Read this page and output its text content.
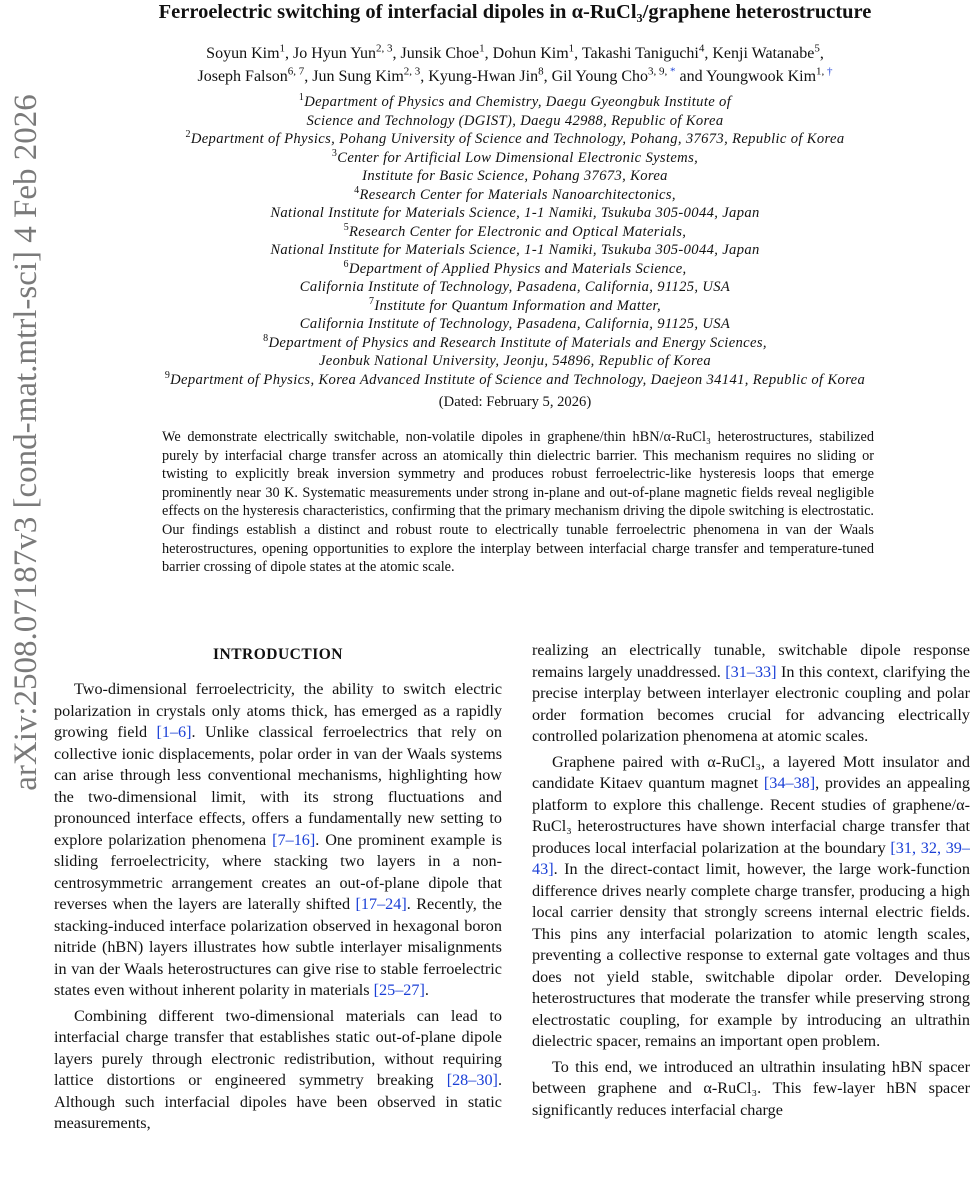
arXiv:2508.07187v3 [cond-mat.mtrl-sci] 4 Feb 2026
Ferroelectric switching of interfacial dipoles in α-RuCl₃/graphene heterostructure
Soyun Kim$^1$, Jo Hyun Yun$^{2, 3}$, Junsik Choe$^1$, Dohun Kim$^1$, Takashi Taniguchi$^4$, Kenji Watanabe$^5$,
Joseph Falson$^{6, 7}$, Jun Sung Kim$^{2, 3}$, Kyung-Hwan Jin$^8$, Gil Young Cho$^{3, 9, *}$ and Youngwook Kim$^{1, \dagger}$
$^1$Department of Physics and Chemistry, Daegu Gyeongbuk Institute of
Science and Technology (DGIST), Daegu 42988, Republic of Korea
$^2$Department of Physics, Pohang University of Science and Technology, Pohang, 37673, Republic of Korea
$^3$Center for Artificial Low Dimensional Electronic Systems,
Institute for Basic Science, Pohang 37673, Korea
$^4$Research Center for Materials Nanoarchitectonics,
National Institute for Materials Science, 1-1 Namiki, Tsukuba 305-0044, Japan
$^5$Research Center for Electronic and Optical Materials,
National Institute for Materials Science, 1-1 Namiki, Tsukuba 305-0044, Japan
$^6$Department of Applied Physics and Materials Science,
California Institute of Technology, Pasadena, California, 91125, USA
$^7$Institute for Quantum Information and Matter,
California Institute of Technology, Pasadena, California, 91125, USA
$^8$Department of Physics and Research Institute of Materials and Energy Sciences,
Jeonbuk National University, Jeonju, 54896, Republic of Korea
$^9$Department of Physics, Korea Advanced Institute of Science and Technology, Daejeon 34141, Republic of Korea
(Dated: February 5, 2026)

We demonstrate electrically switchable, non-volatile dipoles in graphene/thin hBN/α-RuCl₃ heterostructures, stabilized purely by interfacial charge transfer across an atomically thin dielectric barrier. This mechanism requires no sliding or twisting to explicitly break inversion symmetry and produces robust ferroelectric-like hysteresis loops that emerge prominently near 30 K. Systematic measurements under strong in-plane and out-of-plane magnetic fields reveal negligible effects on the hysteresis characteristics, confirming that the primary mechanism driving the dipole switching is electrostatic. Our findings establish a distinct and robust route to electrically tunable ferroelectric phenomena in van der Waals heterostructures, opening opportunities to explore the interplay between interfacial charge transfer and temperature-tuned barrier crossing of dipole states at the atomic scale.

INTRODUCTION

Two-dimensional ferroelectricity, the ability to switch electric polarization in crystals only atoms thick, has emerged as a rapidly growing field [1–6]. Unlike classical ferroelectrics that rely on collective ionic displacements, polar order in van der Waals systems can arise through less conventional mechanisms, highlighting how the two-dimensional limit, with its strong fluctuations and pronounced interface effects, offers a fundamentally new setting to explore polarization phenomena [7–16]. One prominent example is sliding ferroelectricity, where stacking two layers in a non-centrosymmetric arrangement creates an out-of-plane dipole that reverses when the layers are laterally shifted [17–24]. Recently, the stacking-induced interface polarization observed in hexagonal boron nitride (hBN) layers illustrates how subtle interlayer misalignments in van der Waals heterostructures can give rise to stable ferroelectric states even without inherent polarity in materials [25–27].

Combining different two-dimensional materials can lead to interfacial charge transfer that establishes static out-of-plane dipole layers purely through electronic redistribution, without requiring lattice distortions or engineered symmetry breaking [28–30]. Although such interfacial dipoles have been observed in static measurements,

realizing an electrically tunable, switchable dipole response remains largely unaddressed. [31–33] In this context, clarifying the precise interplay between interlayer electronic coupling and polar order formation becomes crucial for advancing electrically controlled polarization phenomena at atomic scales.

Graphene paired with α-RuCl₃, a layered Mott insulator and candidate Kitaev quantum magnet [34–38], provides an appealing platform to explore this challenge. Recent studies of graphene/α-RuCl₃ heterostructures have shown interfacial charge transfer that produces local interfacial polarization at the boundary [31, 32, 39–43]. In the direct-contact limit, however, the large work-function difference drives nearly complete charge transfer, producing a high local carrier density that strongly screens internal electric fields. This pins any interfacial polarization to atomic length scales, preventing a collective response to external gate voltages and thus does not yield stable, switchable dipolar order. Developing heterostructures that moderate the transfer while preserving strong electrostatic coupling, for example by introducing an ultrathin dielectric spacer, remains an important open problem.

To this end, we introduced an ultrathin insulating hBN spacer between graphene and α-RuCl₃. This few-layer hBN spacer significantly reduces interfacial charge
